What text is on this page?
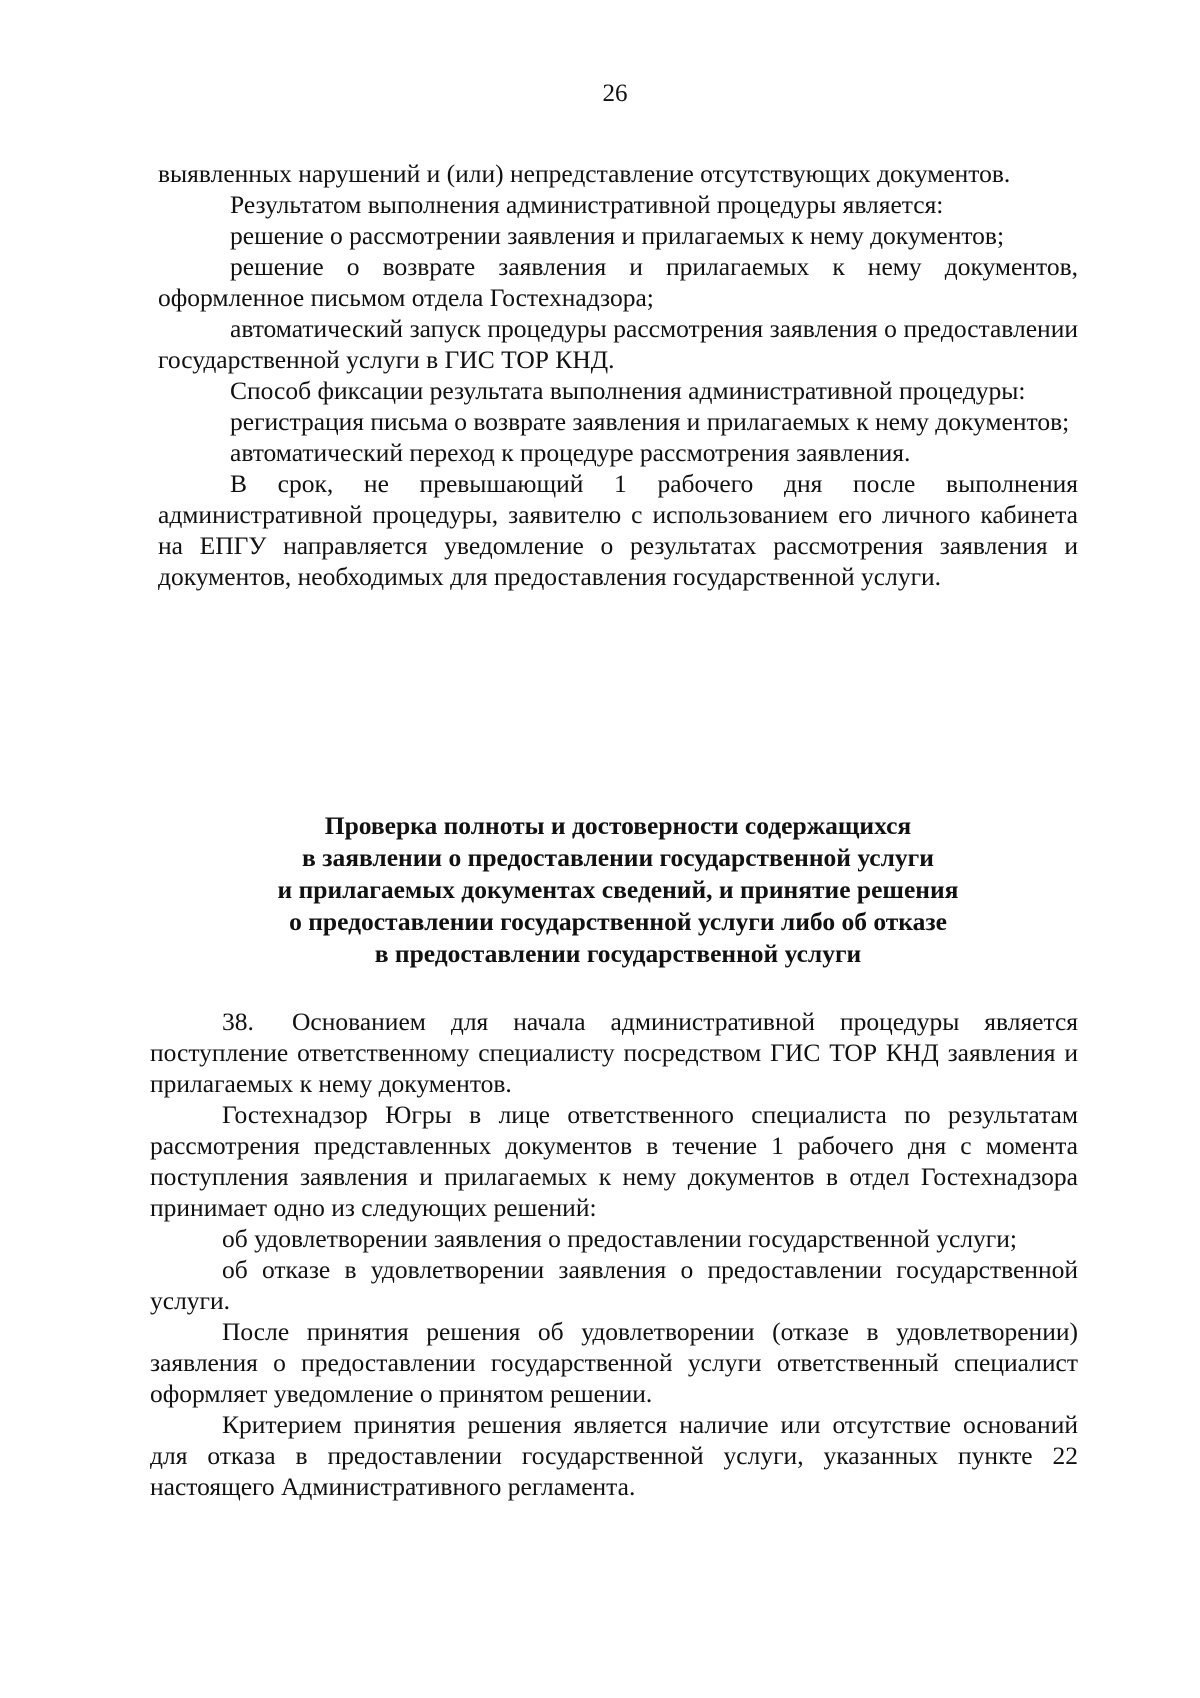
26

выявленных нарушений и (или) непредставление отсутствующих документов.

Результатом выполнения административной процедуры является:

решение о рассмотрении заявления и прилагаемых к нему документов;

решение о возврате заявления и прилагаемых к нему документов, оформленное письмом отдела Гостехнадзора;

автоматический запуск процедуры рассмотрения заявления о предоставлении государственной услуги в ГИС ТОР КНД.

Способ фиксации результата выполнения административной процедуры:

регистрация письма о возврате заявления и прилагаемых к нему документов;

автоматический переход к процедуре рассмотрения заявления.

В срок, не превышающий 1 рабочего дня после выполнения административной процедуры, заявителю с использованием его личного кабинета на ЕПГУ направляется уведомление о результатах рассмотрения заявления и документов, необходимых для предоставления государственной услуги.

Проверка полноты и достоверности содержащихся
в заявлении о предоставлении государственной услуги
и прилагаемых документах сведений, и принятие решения
о предоставлении государственной услуги либо об отказе
в предоставлении государственной услуги

38. Основанием для начала административной процедуры является поступление ответственному специалисту посредством ГИС ТОР КНД заявления и прилагаемых к нему документов.

Гостехнадзор Югры в лице ответственного специалиста по результатам рассмотрения представленных документов в течение 1 рабочего дня с момента поступления заявления и прилагаемых к нему документов в отдел Гостехнадзора принимает одно из следующих решений:

об удовлетворении заявления о предоставлении государственной услуги;

об отказе в удовлетворении заявления о предоставлении государственной услуги.

После принятия решения об удовлетворении (отказе в удовлетворении) заявления о предоставлении государственной услуги ответственный специалист оформляет уведомление о принятом решении.

Критерием принятия решения является наличие или отсутствие оснований для отказа в предоставлении государственной услуги, указанных пункте 22 настоящего Административного регламента.
